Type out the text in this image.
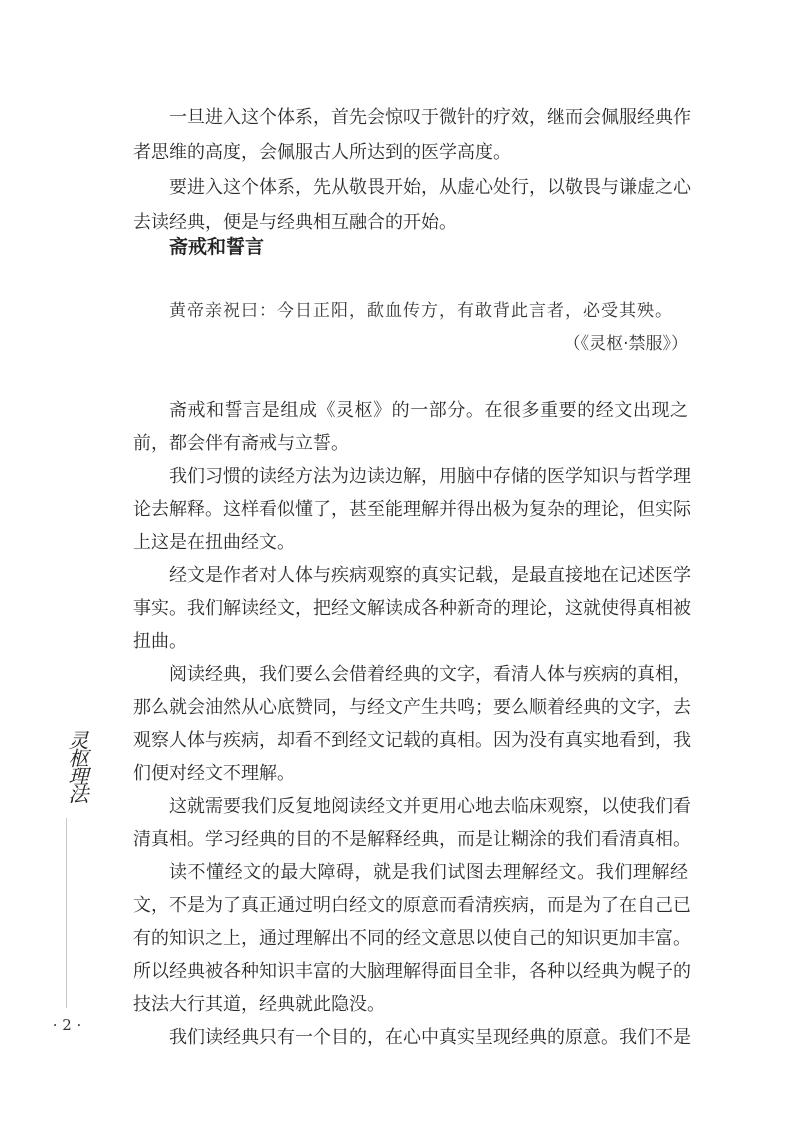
一旦进入这个体系，首先会惊叹于微针的疗效，继而会佩服经典作
者思维的高度，会佩服古人所达到的医学高度。
要进入这个体系，先从敬畏开始，从虚心处行，以敬畏与谦虚之心
去读经典，便是与经典相互融合的开始。
斋戒和誓言
黄帝亲祝曰：今日正阳，歃血传方，有敢背此言者，必受其殃。
（《灵枢·禁服》）
斋戒和誓言是组成《灵枢》的一部分。在很多重要的经文出现之
前，都会伴有斋戒与立誓。
我们习惯的读经方法为边读边解，用脑中存储的医学知识与哲学理
论去解释。这样看似懂了，甚至能理解并得出极为复杂的理论，但实际
上这是在扭曲经文。
经文是作者对人体与疾病观察的真实记载，是最直接地在记述医学
事实。我们解读经文，把经文解读成各种新奇的理论，这就使得真相被
扭曲。
阅读经典，我们要么会借着经典的文字，看清人体与疾病的真相，
那么就会油然从心底赞同，与经文产生共鸣；要么顺着经典的文字，去
观察人体与疾病，却看不到经文记载的真相。因为没有真实地看到，我
们便对经文不理解。
这就需要我们反复地阅读经文并更用心地去临床观察，以使我们看
清真相。学习经典的目的不是解释经典，而是让糊涂的我们看清真相。
读不懂经文的最大障碍，就是我们试图去理解经文。我们理解经
文，不是为了真正通过明白经文的原意而看清疾病，而是为了在自己已
有的知识之上，通过理解出不同的经文意思以使自己的知识更加丰富。
所以经典被各种知识丰富的大脑理解得面目全非，各种以经典为幌子的
技法大行其道，经典就此隐没。
我们读经典只有一个目的，在心中真实呈现经典的原意。我们不是
灵枢理法
· 2 ·
